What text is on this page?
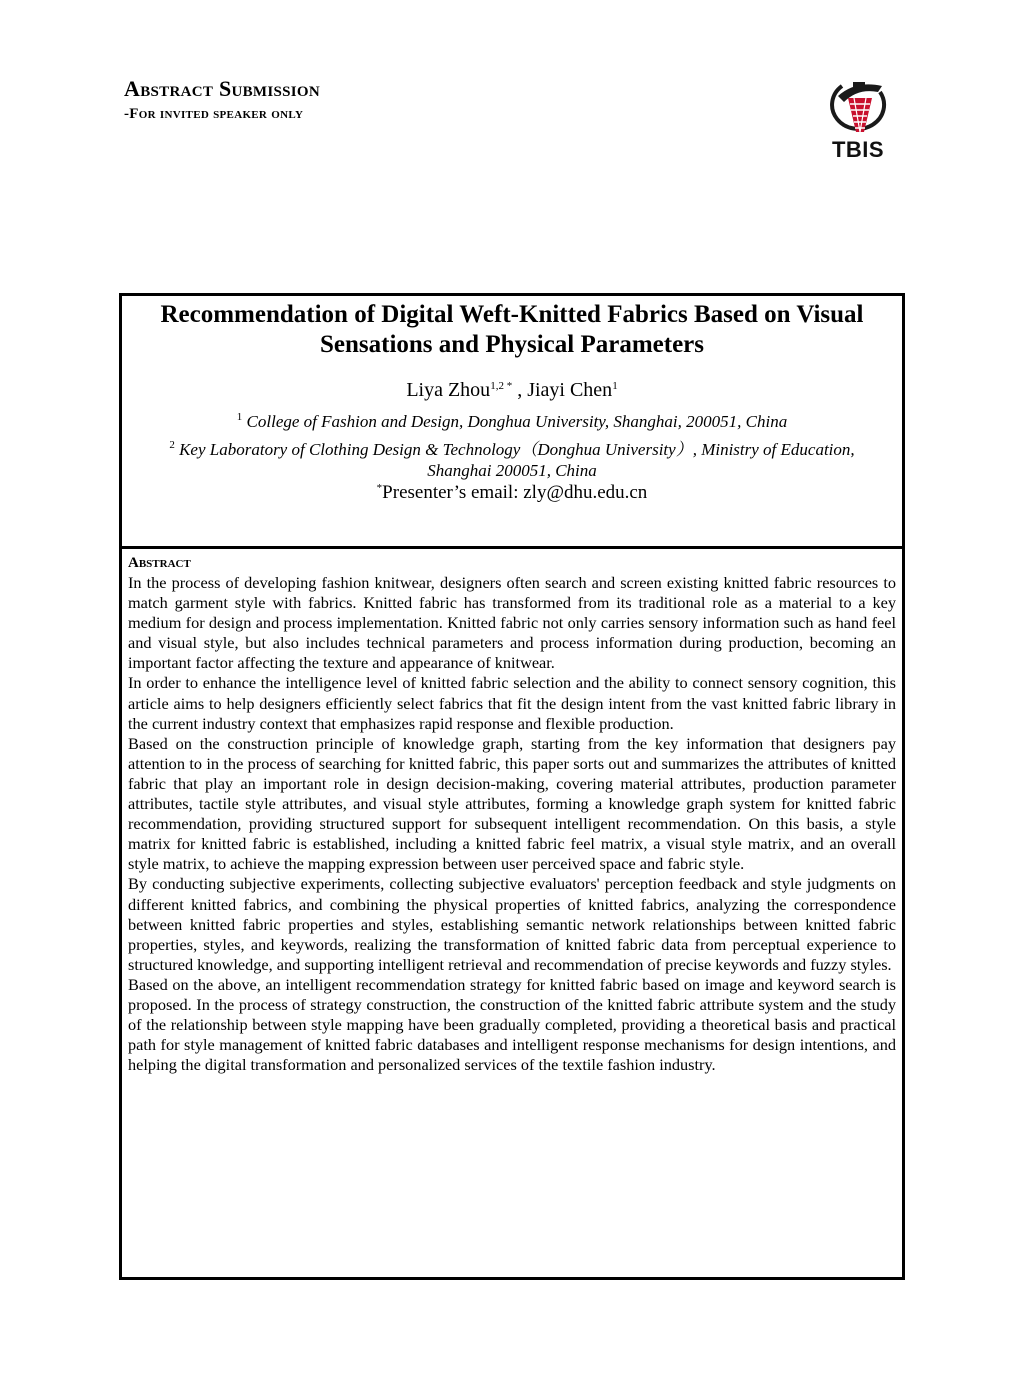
Abstract Submission
-For invited speaker only
TBIS
Recommendation of Digital Weft-Knitted Fabrics Based on Visual Sensations and Physical Parameters
Liya Zhou$^{1,2 *}$ , Jiayi Chen$^1$
$^1$ College of Fashion and Design, Donghua University, Shanghai, 200051, China
$^2$ Key Laboratory of Clothing Design & Technology（Donghua University）, Ministry of Education, Shanghai 200051, China
*Presenter’s email: zly@dhu.edu.cn
Abstract

In the process of developing fashion knitwear, designers often search and screen existing knitted fabric resources to match garment style with fabrics. Knitted fabric has transformed from its traditional role as a material to a key medium for design and process implementation. Knitted fabric not only carries sensory information such as hand feel and visual style, but also includes technical parameters and process information during production, becoming an important factor affecting the texture and appearance of knitwear.

In order to enhance the intelligence level of knitted fabric selection and the ability to connect sensory cognition, this article aims to help designers efficiently select fabrics that fit the design intent from the vast knitted fabric library in the current industry context that emphasizes rapid response and flexible production.

Based on the construction principle of knowledge graph, starting from the key information that designers pay attention to in the process of searching for knitted fabric, this paper sorts out and summarizes the attributes of knitted fabric that play an important role in design decision-making, covering material attributes, production parameter attributes, tactile style attributes, and visual style attributes, forming a knowledge graph system for knitted fabric recommendation, providing structured support for subsequent intelligent recommendation. On this basis, a style matrix for knitted fabric is established, including a knitted fabric feel matrix, a visual style matrix, and an overall style matrix, to achieve the mapping expression between user perceived space and fabric style.

By conducting subjective experiments, collecting subjective evaluators' perception feedback and style judgments on different knitted fabrics, and combining the physical properties of knitted fabrics, analyzing the correspondence between knitted fabric properties and styles, establishing semantic network relationships between knitted fabric properties, styles, and keywords, realizing the transformation of knitted fabric data from perceptual experience to structured knowledge, and supporting intelligent retrieval and recommendation of precise keywords and fuzzy styles.

Based on the above, an intelligent recommendation strategy for knitted fabric based on image and keyword search is proposed. In the process of strategy construction, the construction of the knitted fabric attribute system and the study of the relationship between style mapping have been gradually completed, providing a theoretical basis and practical path for style management of knitted fabric databases and intelligent response mechanisms for design intentions, and helping the digital transformation and personalized services of the textile fashion industry.
